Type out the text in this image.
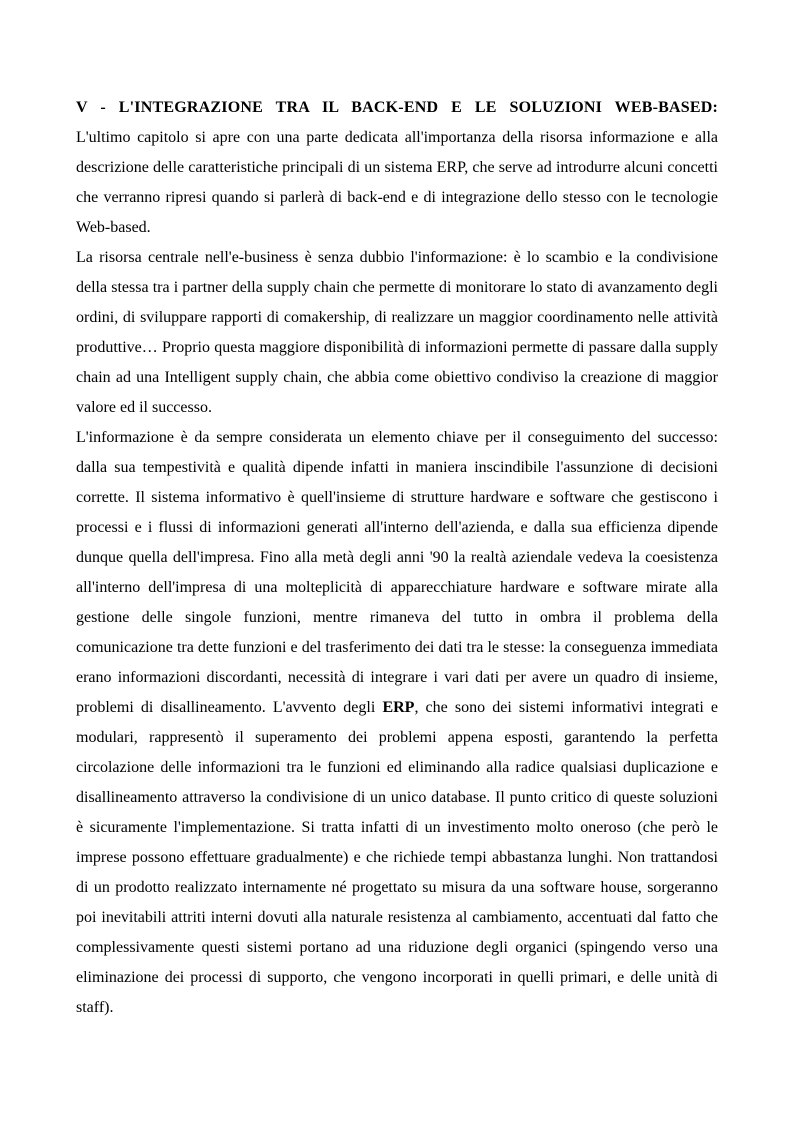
V - L'INTEGRAZIONE TRA IL BACK-END E LE SOLUZIONI WEB-BASED:

L'ultimo capitolo si apre con una parte dedicata all'importanza della risorsa informazione e alla descrizione delle caratteristiche principali di un sistema ERP, che serve ad introdurre alcuni concetti che verranno ripresi quando si parlerà di back-end e di integrazione dello stesso con le tecnologie Web-based.

La risorsa centrale nell'e-business è senza dubbio l'informazione: è lo scambio e la condivisione della stessa tra i partner della supply chain che permette di monitorare lo stato di avanzamento degli ordini, di sviluppare rapporti di comakership, di realizzare un maggior coordinamento nelle attività produttive… Proprio questa maggiore disponibilità di informazioni permette di passare dalla supply chain ad una Intelligent supply chain, che abbia come obiettivo condiviso la creazione di maggior valore ed il successo.

L'informazione è da sempre considerata un elemento chiave per il conseguimento del successo: dalla sua tempestività e qualità dipende infatti in maniera inscindibile l'assunzione di decisioni corrette. Il sistema informativo è quell'insieme di strutture hardware e software che gestiscono i processi e i flussi di informazioni generati all'interno dell'azienda, e dalla sua efficienza dipende dunque quella dell'impresa. Fino alla metà degli anni '90 la realtà aziendale vedeva la coesistenza all'interno dell'impresa di una molteplicità di apparecchiature hardware e software mirate alla gestione delle singole funzioni, mentre rimaneva del tutto in ombra il problema della comunicazione tra dette funzioni e del trasferimento dei dati tra le stesse: la conseguenza immediata erano informazioni discordanti, necessità di integrare i vari dati per avere un quadro di insieme, problemi di disallineamento. L'avvento degli ERP, che sono dei sistemi informativi integrati e modulari, rappresentò il superamento dei problemi appena esposti, garantendo la perfetta circolazione delle informazioni tra le funzioni ed eliminando alla radice qualsiasi duplicazione e disallineamento attraverso la condivisione di un unico database. Il punto critico di queste soluzioni è sicuramente l'implementazione. Si tratta infatti di un investimento molto oneroso (che però le imprese possono effettuare gradualmente) e che richiede tempi abbastanza lunghi. Non trattandosi di un prodotto realizzato internamente né progettato su misura da una software house, sorgeranno poi inevitabili attriti interni dovuti alla naturale resistenza al cambiamento, accentuati dal fatto che complessivamente questi sistemi portano ad una riduzione degli organici (spingendo verso una eliminazione dei processi di supporto, che vengono incorporati in quelli primari, e delle unità di staff).
